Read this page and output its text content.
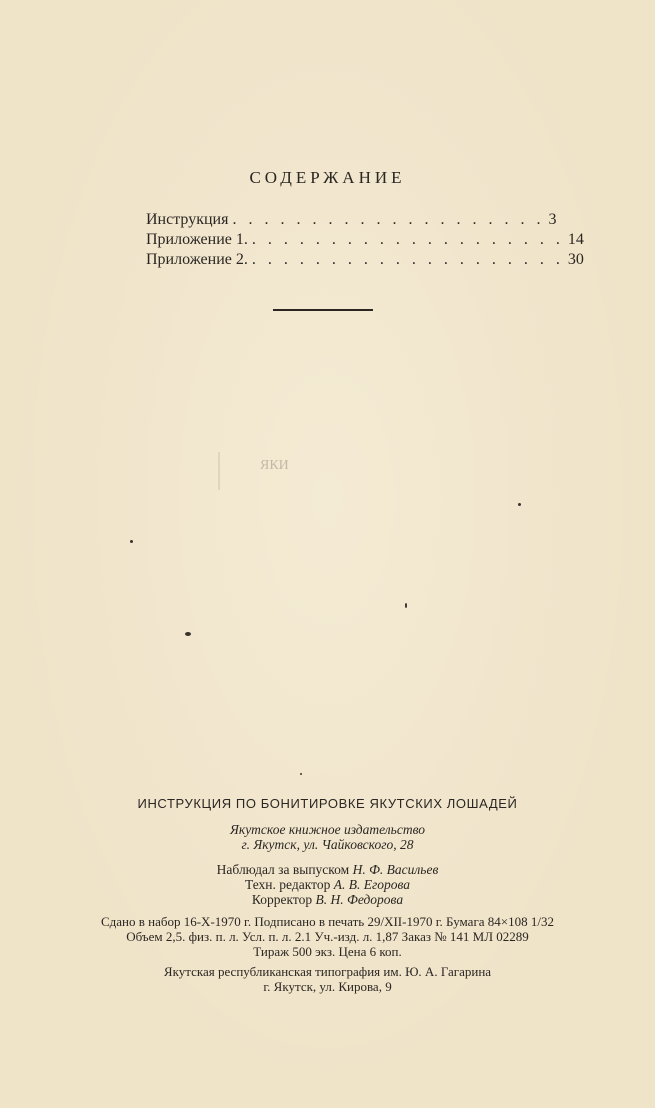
СОДЕРЖАНИЕ
Инструкция . . . . . . . . . . . . . . . . . . . . 3
Приложение 1. . . . . . . . . . . . . . . . . . . . . 14
Приложение 2. . . . . . . . . . . . . . . . . . . . . 30
ЯКИ
ИНСТРУКЦИЯ ПО БОНИТИРОВКЕ ЯКУТСКИХ ЛОШАДЕЙ
Якутское книжное издательство
г. Якутск, ул. Чайковского, 28
Наблюдал за выпуском Н. Ф. Васильев
Техн. редактор А. В. Егорова
Корректор В. Н. Федорова
Сдано в набор 16-X-1970 г. Подписано в печать 29/XII-1970 г. Бумага 84×108 1/32
Объем 2,5. физ. п. л. Усл. п. л. 2.1 Уч.-изд. л. 1,87 Заказ № 141 МЛ 02289
Тираж 500 экз. Цена 6 коп.
Якутская республиканская типография им. Ю. А. Гагарина
г. Якутск, ул. Кирова, 9
